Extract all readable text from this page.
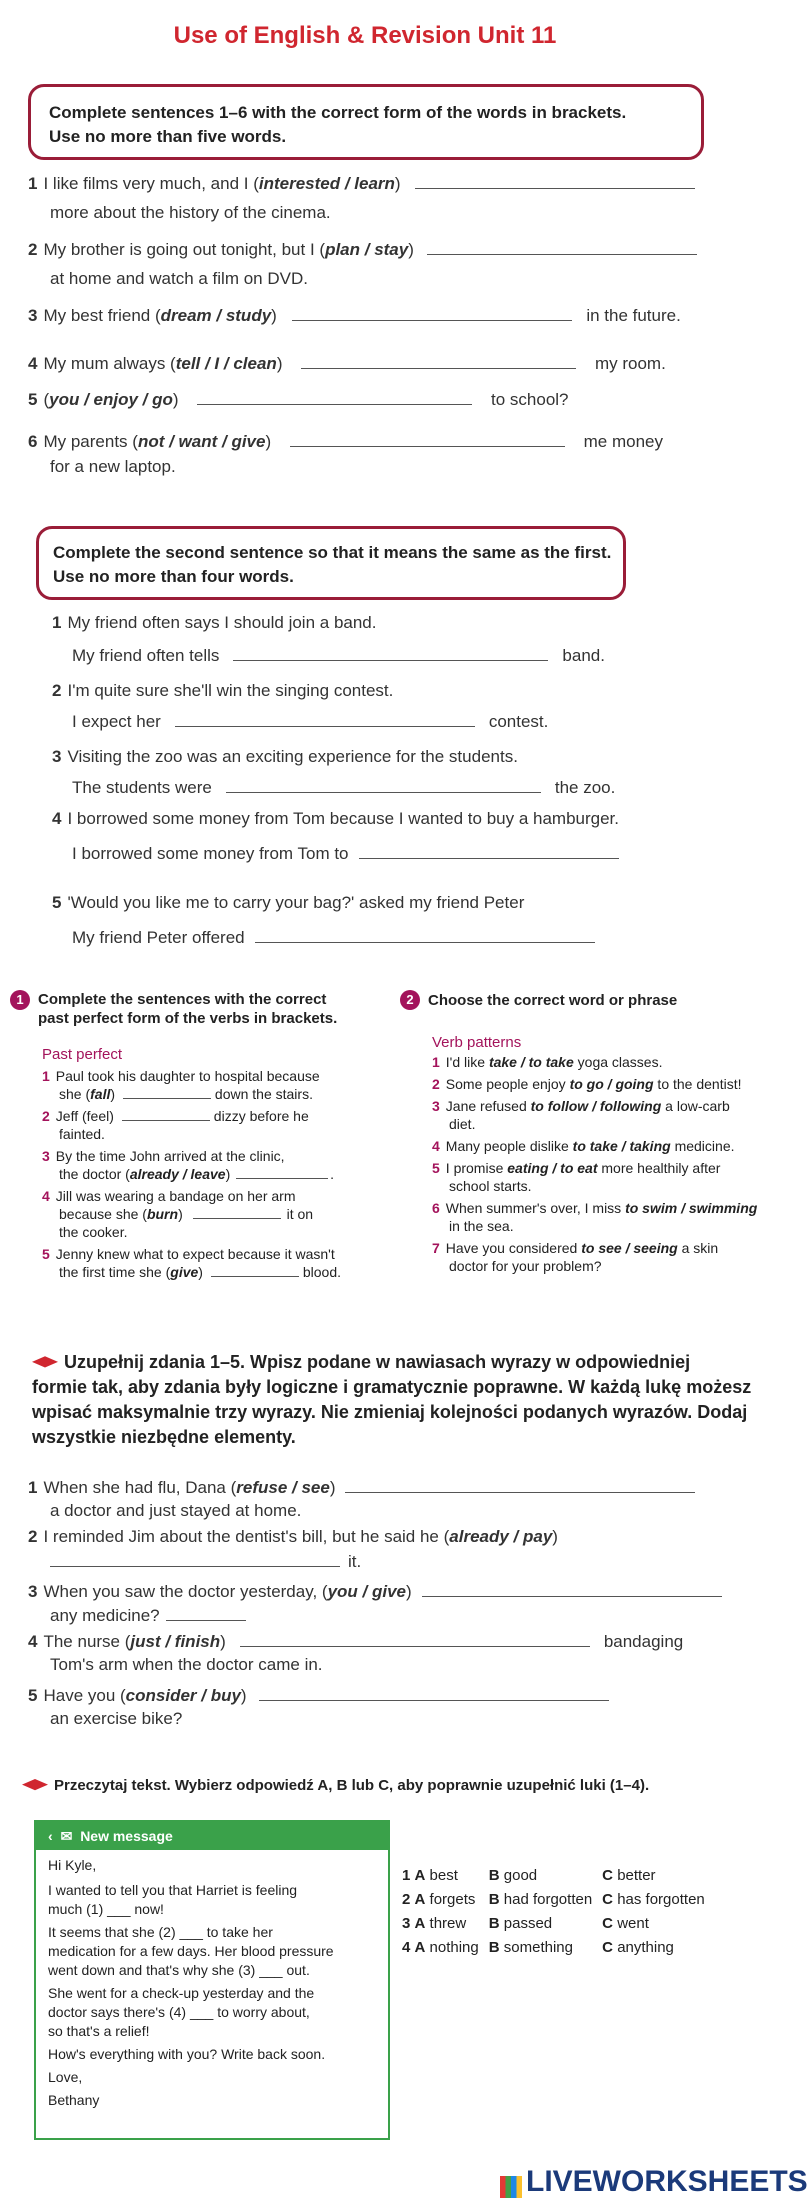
Use of English & Revision Unit 11
Complete sentences 1–6 with the correct form of the words in brackets.
Use no more than five words.
1 I like films very much, and I (interested / learn)
more about the history of the cinema.
2 My brother is going out tonight, but I (plan / stay)
at home and watch a film on DVD.
3 My best friend (dream / study)	in the future.
4 My mum always (tell / I / clean)	my room.
5 (you / enjoy / go)	to school?
6 My parents (not / want / give)	me money
for a new laptop.
Complete the second sentence so that it means the same as the first.
Use no more than four words.
1 My friend often says I should join a band.
My friend often tells	band.
2 I'm quite sure she'll win the singing contest.
I expect her	contest.
3 Visiting the zoo was an exciting experience for the students.
The students were	the zoo.
4 I borrowed some money from Tom because I wanted to buy a hamburger.
I borrowed some money from Tom to
5 'Would you like me to carry your bag?' asked my friend Peter
My friend Peter offered
1 Complete the sentences with the correct
past perfect form of the verbs in brackets.
Past perfect
1 Paul took his daughter to hospital because
she (fall)	down the stairs.
2 Jeff (feel)	dizzy before he
fainted.
3 By the time John arrived at the clinic,
the doctor (already / leave)	.
4 Jill was wearing a bandage on her arm
because she (burn)	it on
the cooker.
5 Jenny knew what to expect because it wasn't
the first time she (give)	blood.
2 Choose the correct word or phrase
Verb patterns
1 I'd like take / to take yoga classes.
2 Some people enjoy to go / going to the dentist!
3 Jane refused to follow / following a low-carb
diet.
4 Many people dislike to take / taking medicine.
5 I promise eating / to eat more healthily after
school starts.
6 When summer's over, I miss to swim / swimming
in the sea.
7 Have you considered to see / seeing a skin
doctor for your problem?
Uzupełnij zdania 1–5. Wpisz podane w nawiasach wyrazy w odpowiedniej
formie tak, aby zdania były logiczne i gramatycznie poprawne. W każdą lukę możesz
wpisać maksymalnie trzy wyrazy. Nie zmieniaj kolejności podanych wyrazów. Dodaj
wszystkie niezbędne elementy.
1 When she had flu, Dana (refuse / see)
a doctor and just stayed at home.
2 I reminded Jim about the dentist's bill, but he said he (already / pay)
it.
3 When you saw the doctor yesterday, (you / give)
any medicine?
4 The nurse (just / finish)	bandaging
Tom's arm when the doctor came in.
5 Have you (consider / buy)
an exercise bike?
Przeczytaj tekst. Wybierz odpowiedź A, B lub C, aby poprawnie uzupełnić luki (1–4).
‹ ✉ New message
Hi Kyle,
I wanted to tell you that Harriet is feeling
much (1) ___ now!
It seems that she (2) ___ to take her
medication for a few days. Her blood pressure
went down and that's why she (3) ___ out.
She went for a check-up yesterday and the
doctor says there's (4) ___ to worry about,
so that's a relief!
How's everything with you? Write back soon.
Love,
Bethany
1 A best	B good	C better
2 A forgets	B had forgotten	C has forgotten
3 A threw	B passed	C went
4 A nothing	B something	C anything
LIVEWORKSHEETS
